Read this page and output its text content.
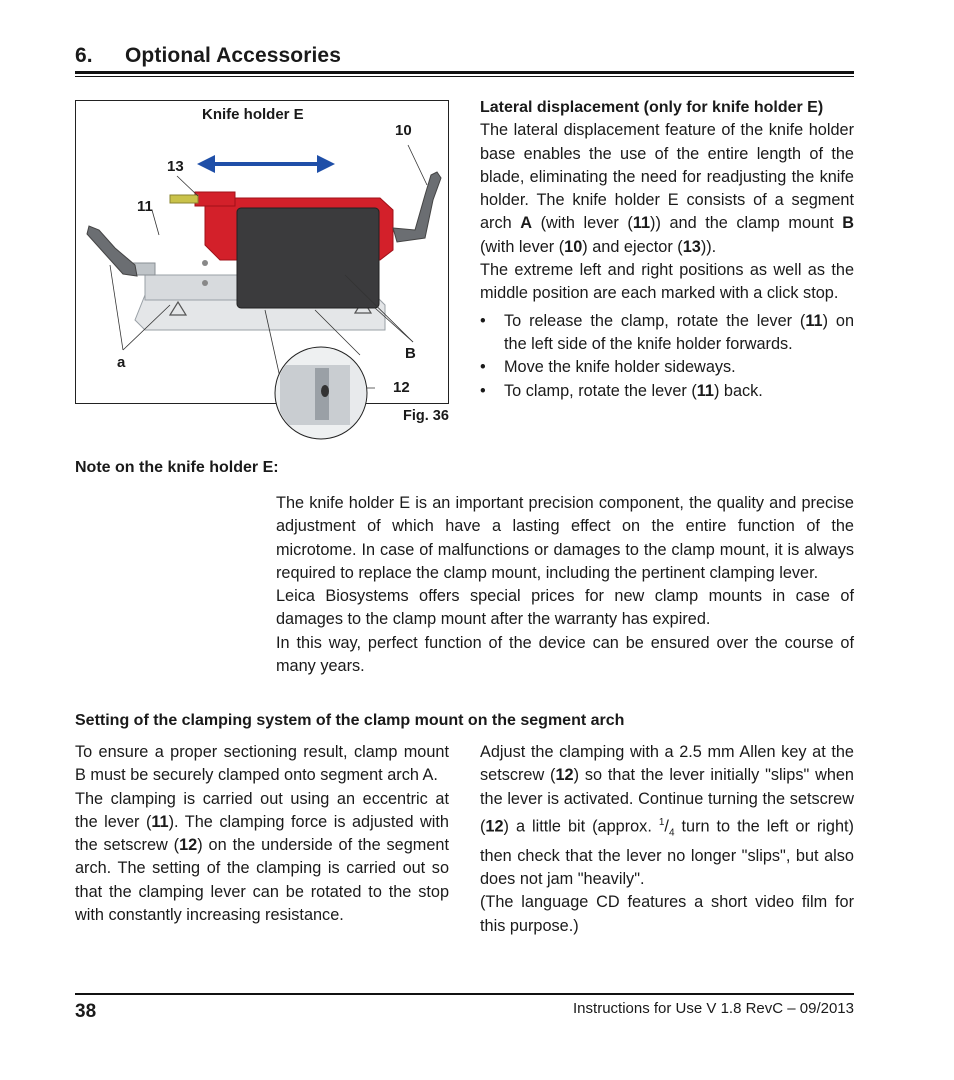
6. Optional Accessories
Knife holder E
10
13
11
a
B
12
Fig. 36
Lateral displacement (only for knife holder E)
The lateral displacement feature of the knife holder base enables the use of the entire length of the blade, eliminating the need for readjusting the knife holder. The knife holder E consists of a segment arch A (with lever (11)) and the clamp mount B (with lever (10) and ejector (13)).
The extreme left and right positions as well as the middle position are each marked with a click stop.
• To release the clamp, rotate the lever (11) on the left side of the knife holder forwards.
• Move the knife holder sideways.
• To clamp, rotate the lever (11) back.
Note on the knife holder E:
The knife holder E is an important precision component, the quality and precise adjustment of which have a lasting effect on the entire function of the microtome. In case of malfunctions or damages to the clamp mount, it is always required to replace the clamp mount, including the pertinent clamping lever.
Leica Biosystems offers special prices for new clamp mounts in case of damages to the clamp mount after the warranty has expired.
In this way, perfect function of the device can be ensured over the course of many years.
Setting of the clamping system of the clamp mount on the segment arch
To ensure a proper sectioning result, clamp mount B must be securely clamped onto segment arch A.
The clamping is carried out using an eccentric at the lever (11). The clamping force is adjusted with the setscrew (12) on the underside of the segment arch. The setting of the clamping is carried out so that the clamping lever can be rotated to the stop with constantly increasing resistance.
Adjust the clamping with a 2.5 mm Allen key at the setscrew (12) so that the lever initially "slips" when the lever is activated. Continue turning the setscrew (12) a little bit (approx. $^1/_4$ turn to the left or right) then check that the lever no longer "slips", but also does not jam "heavily".
(The language CD features a short video film for this purpose.)
38	Instructions for Use V 1.8 RevC – 09/2013
